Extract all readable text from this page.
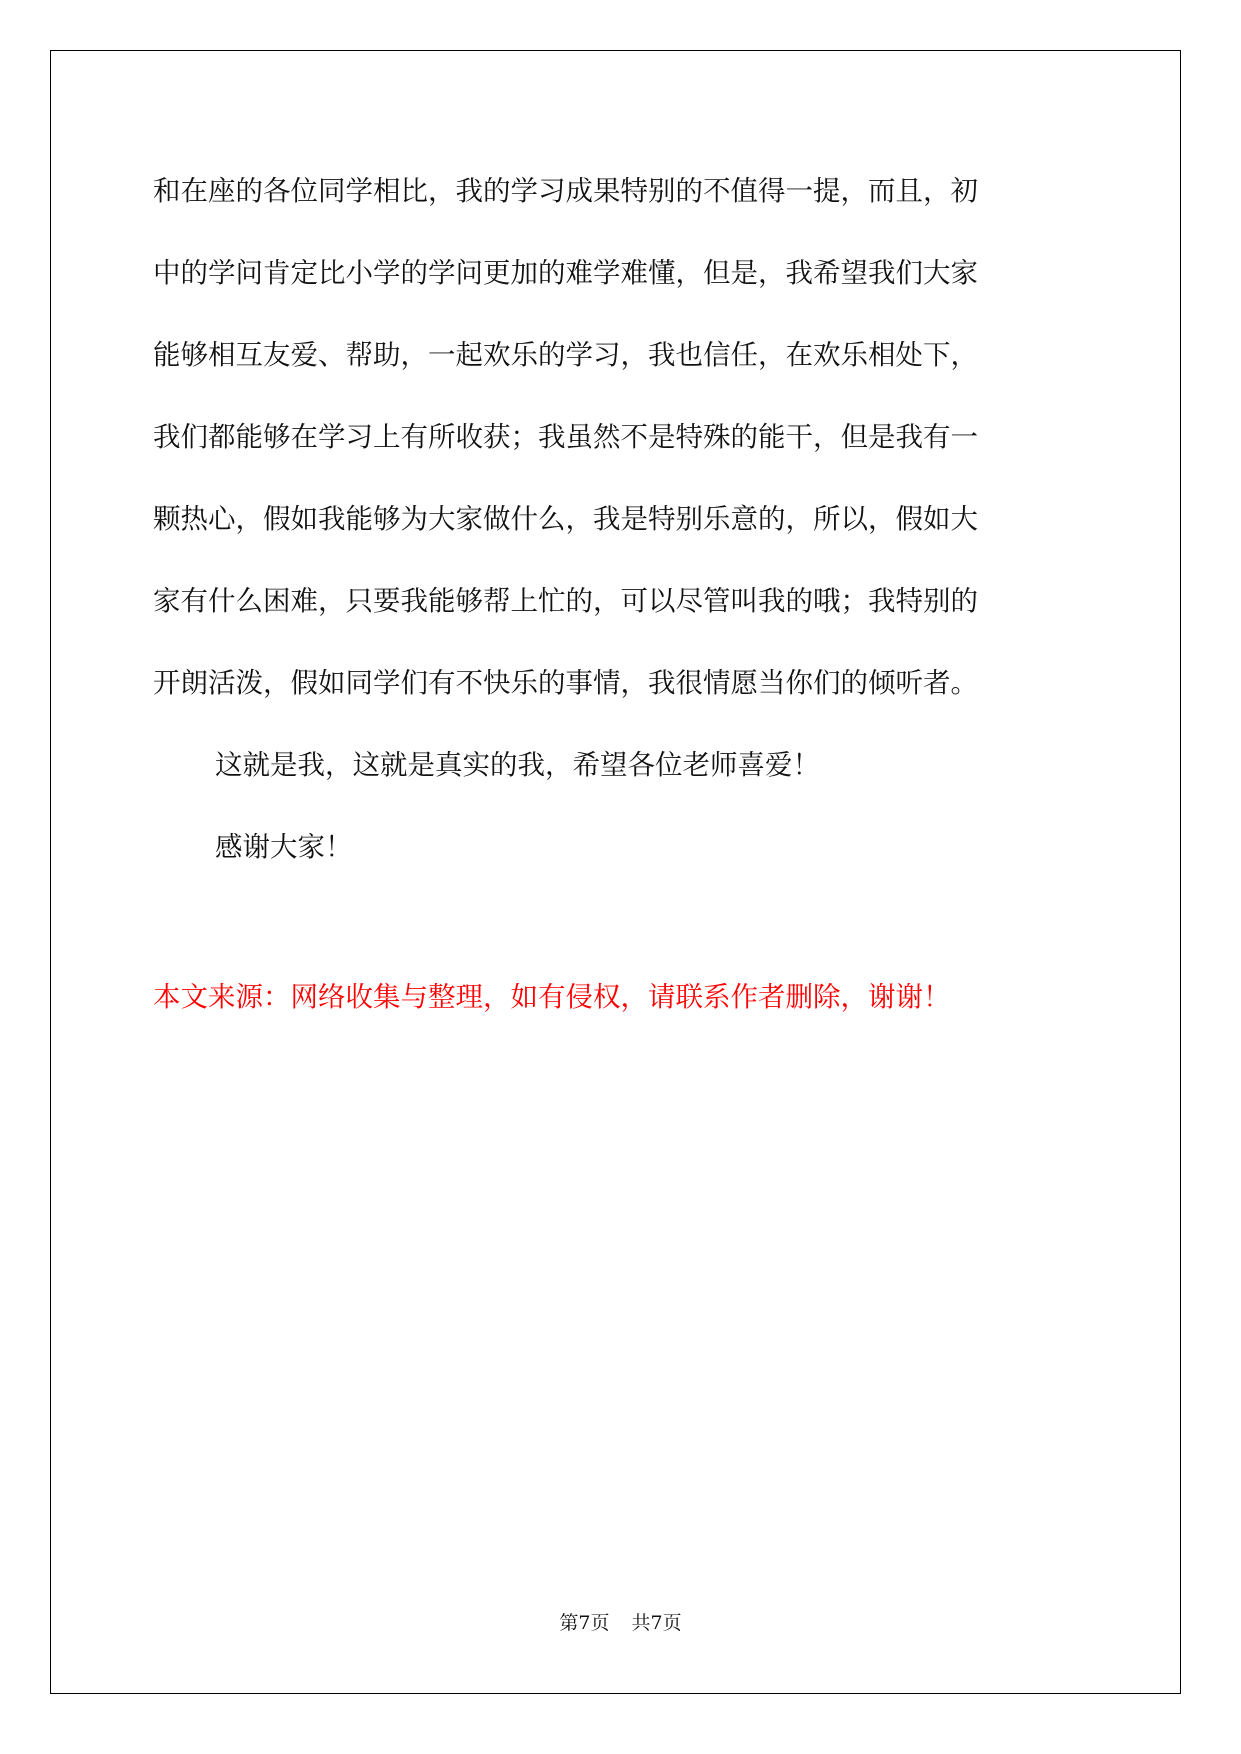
和在座的各位同学相比，我的学习成果特别的不值得一提，而且，初
中的学问肯定比小学的学问更加的难学难懂，但是，我希望我们大家
能够相互友爱、帮助，一起欢乐的学习，我也信任，在欢乐相处下，
我们都能够在学习上有所收获；我虽然不是特殊的能干，但是我有一
颗热心，假如我能够为大家做什么，我是特别乐意的，所以，假如大
家有什么困难，只要我能够帮上忙的，可以尽管叫我的哦；我特别的
开朗活泼，假如同学们有不快乐的事情，我很情愿当你们的倾听者。
这就是我，这就是真实的我，希望各位老师喜爱！
感谢大家！
本文来源：网络收集与整理，如有侵权，请联系作者删除，谢谢！
第7页 共7页
